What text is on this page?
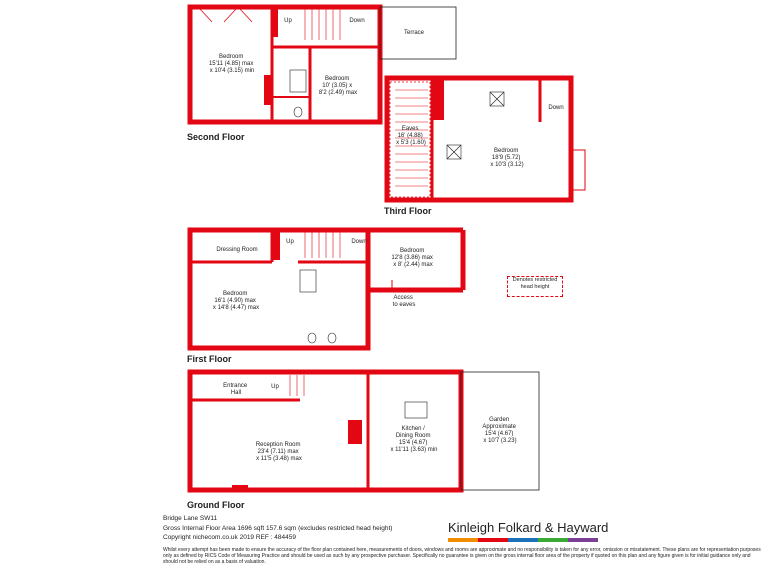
Up	Down
Terrace
Bedroom 15'11 (4.85) max x 10'4 (3.15) min
Bedroom 10' (3.05) x 8'2 (2.49) max
Second Floor
Down
Eaves 16' (4.88) x 5'3 (1.60)
Bedroom 18'9 (5.72) x 10'3 (3.12)
Third Floor
Dressing Room
Up	Down
Bedroom 12'8 (3.86) max x 8' (2.44) max
Bedroom 16'1 (4.90) max x 14'8 (4.47) max
Access to eaves
First Floor
Entrance Hall
Up
Reception Room 23'4 (7.11) max x 11'5 (3.48) max
Kitchen / Dining Room 15'4 (4.67) x 11'11 (3.63) min
Garden Approximate 15'4 (4.67) x 10'7 (3.23)
Ground Floor
Denotes restricted
head height
Bridge Lane SW11
Gross Internal Floor Area 1696 sqft 157.6 sqm (excludes restricted head height)
Copyright nichecom.co.uk 2019 REF : 484459
Kinleigh Folkard & Hayward
Whilst every attempt has been made to ensure the accuracy of the floor plan contained here, measurements of doors, windows and rooms are approximate and no responsibility is taken for any error, omission or misstatement. These plans are for representation purposes only as defined by RICS Code of Measuring Practice and should be used as such by any prospective purchaser. Specifically no guarantee is given on the gross internal floor area of the property if quoted on this plan and any figure given is for initial guidance only and should not be relied on as a basis of valuation.
